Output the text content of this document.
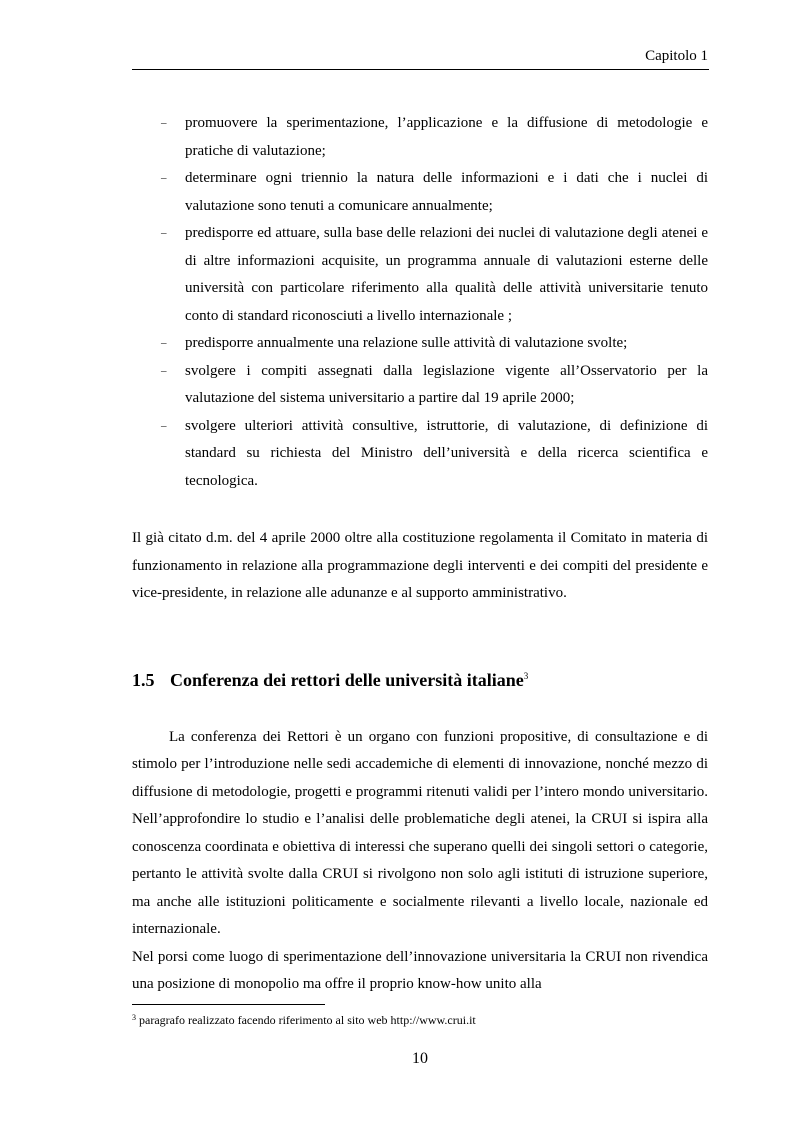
Capitolo 1
– promuovere la sperimentazione, l’applicazione e la diffusione di metodologie e pratiche di valutazione;
– determinare ogni triennio la natura delle informazioni e i dati che i nuclei di valutazione sono tenuti a comunicare annualmente;
– predisporre ed attuare, sulla base delle relazioni dei nuclei di valutazione degli atenei e di altre informazioni acquisite, un programma annuale di valutazioni esterne delle università con particolare riferimento alla qualità delle attività universitarie tenuto conto di standard riconosciuti a livello internazionale ;
– predisporre annualmente una relazione sulle attività di valutazione svolte;
– svolgere i compiti assegnati dalla legislazione vigente all’Osservatorio per la valutazione del sistema universitario a partire dal 19 aprile 2000;
– svolgere ulteriori attività consultive, istruttorie, di valutazione, di definizione di standard su richiesta del Ministro dell’università e della ricerca scientifica e tecnologica.

Il già citato d.m. del 4 aprile 2000 oltre alla costituzione regolamenta il Comitato in materia di funzionamento in relazione alla programmazione degli interventi e dei compiti del presidente e vice-presidente, in relazione alle adunanze e al supporto amministrativo.

1.5 Conferenza dei rettori delle università italiane$^3$

La conferenza dei Rettori è un organo con funzioni propositive, di consultazione e di stimolo per l’introduzione nelle sedi accademiche di elementi di innovazione, nonché mezzo di diffusione di metodologie, progetti e programmi ritenuti validi per l’intero mondo universitario. Nell’approfondire lo studio e l’analisi delle problematiche degli atenei, la CRUI si ispira alla conoscenza coordinata e obiettiva di interessi che superano quelli dei singoli settori o categorie, pertanto le attività svolte dalla CRUI si rivolgono non solo agli istituti di istruzione superiore, ma anche alle istituzioni politicamente e socialmente rilevanti a livello locale, nazionale ed internazionale.

Nel porsi come luogo di sperimentazione dell’innovazione universitaria la CRUI non rivendica una posizione di monopolio ma offre il proprio know-how unito alla

$^3$ paragrafo realizzato facendo riferimento al sito web http://www.crui.it
10
